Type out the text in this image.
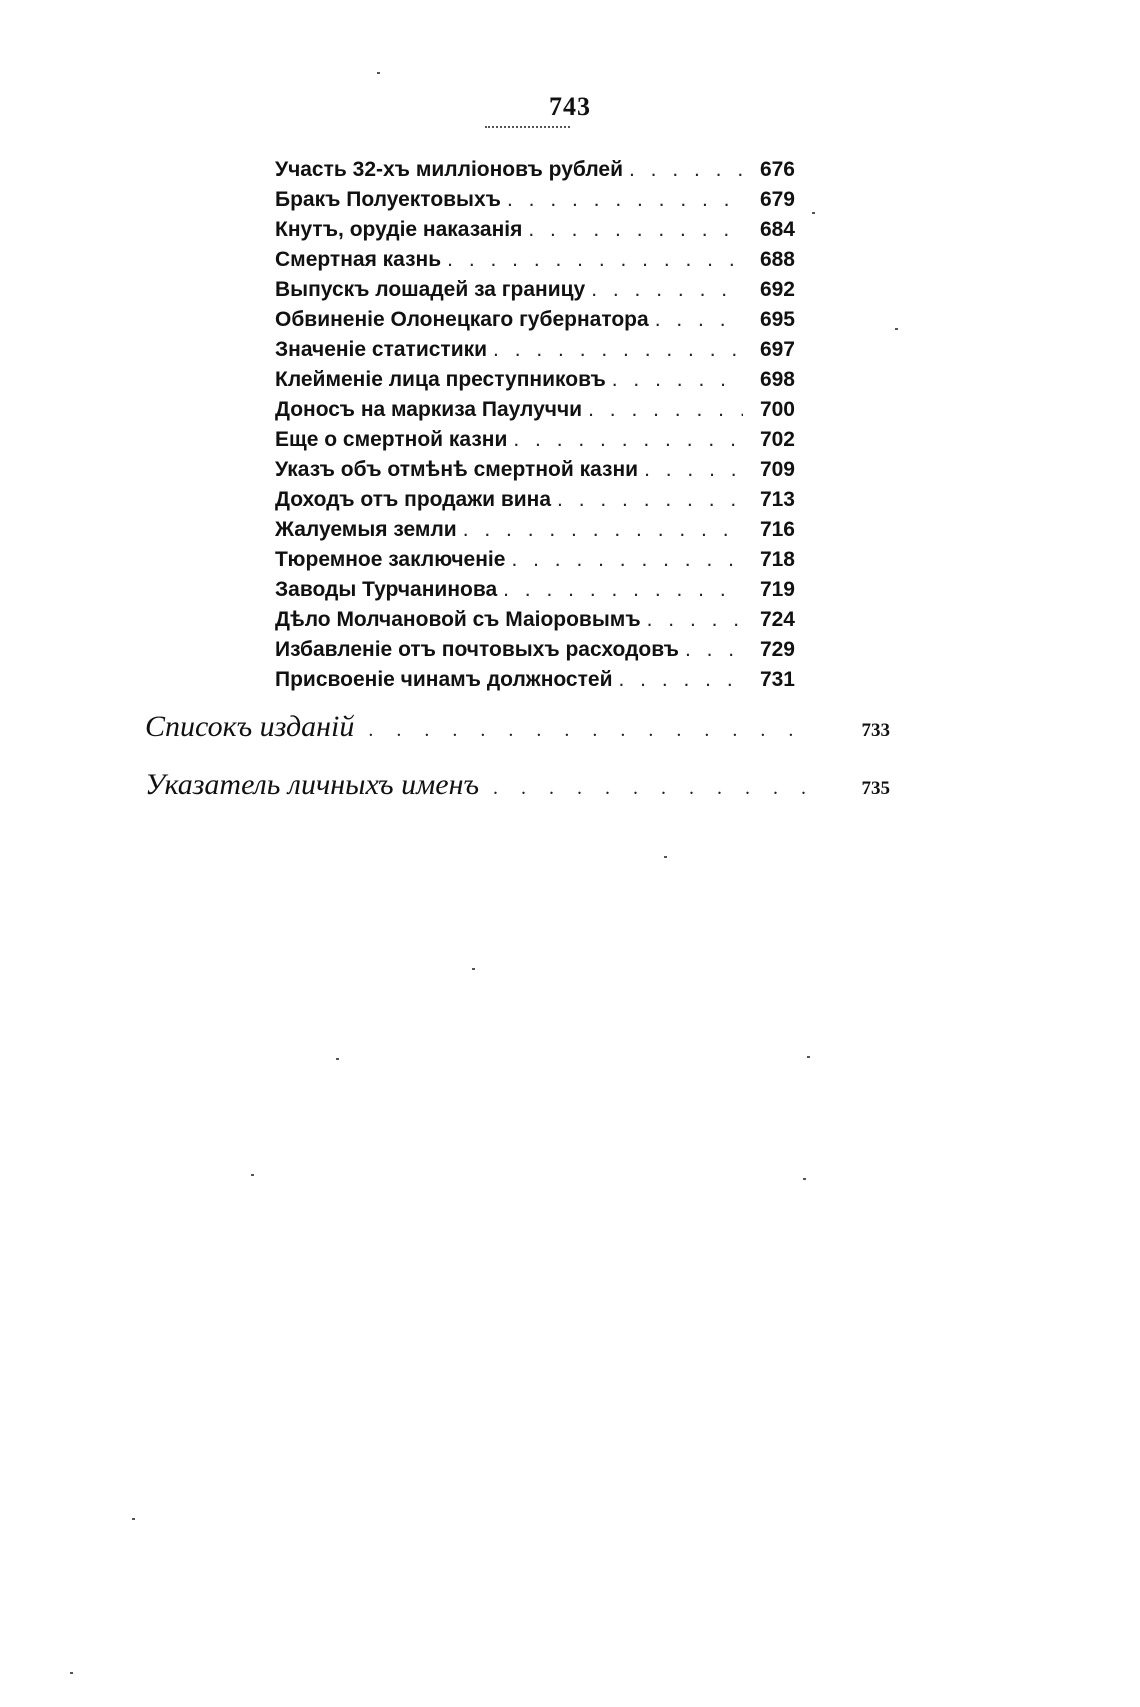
743
Участь 32-хъ милліоновъ рублей . . .	676
Бракъ Полуектовыхъ . . .	679
Кнутъ, орудіе наказанія . . .	684
Смертная казнь . . .	688
Выпускъ лошадей за границу . . .	692
Обвиненіе Олонецкаго губернатора . . .	695
Значеніе статистики . . .	697
Клейменіе лица преступниковъ . . .	698
Доносъ на маркиза Паулуччи . . .	700
Еще о смертной казни . . .	702
Указъ объ отмѣнѣ смертной казни . . .	709
Доходъ отъ продажи вина . . .	713
Жалуемыя земли . . .	716
Тюремное заключеніе . . .	718
Заводы Турчанинова . . .	719
Дѣло Молчановой съ Маіоровымъ . . .	724
Избавленіе отъ почтовыхъ расходовъ . . .	729
Присвоеніе чинамъ должностей . . .	731
Списокъ изданій . . .	733
Указатель личныхъ именъ . . .	735
